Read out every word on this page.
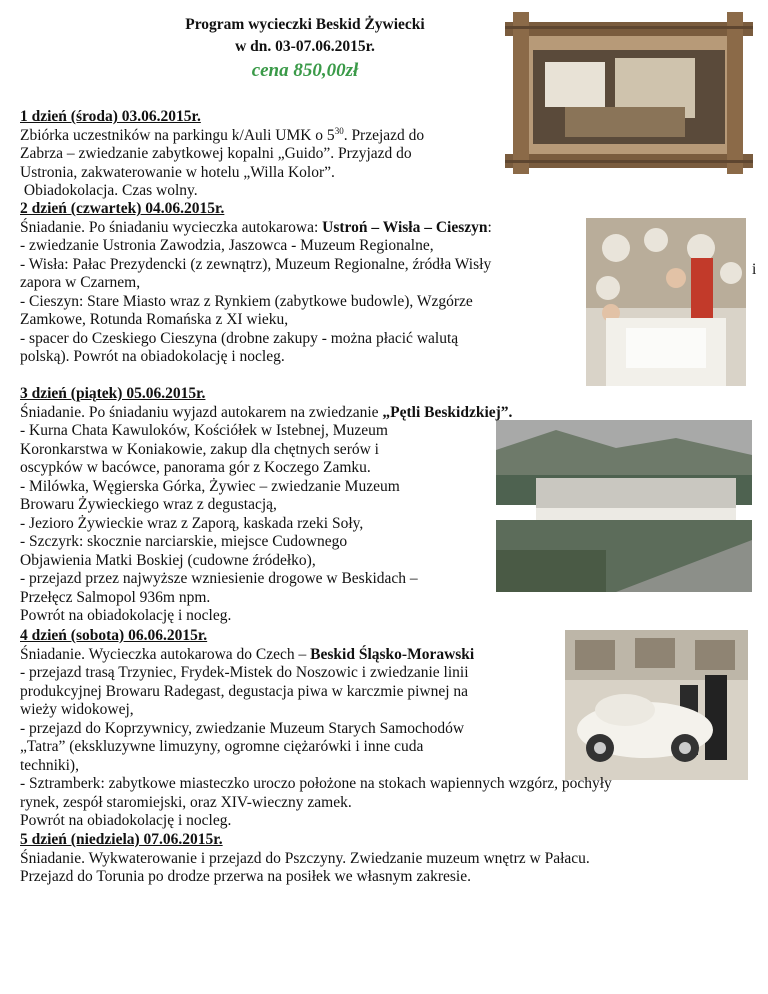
Program wycieczki Beskid Żywiecki
w dn. 03-07.06.2015r.
cena 850,00zł
i

1 dzień (środa) 03.06.2015r.

Zbiórka uczestników na parkingu k/Auli UMK o $5^{30}$. Przejazd do

Zabrza – zwiedzanie zabytkowej kopalni „Guido”. Przyjazd do

Ustronia, zakwaterowanie w hotelu „Willa Kolor”.

Obiadokolacja. Czas wolny.

2 dzień (czwartek) 04.06.2015r.

Śniadanie. Po śniadaniu wycieczka autokarowa: Ustroń – Wisła – Cieszyn:

- zwiedzanie Ustronia Zawodzia, Jaszowca - Muzeum Regionalne,

- Wisła: Pałac Prezydencki (z zewnątrz), Muzeum Regionalne, źródła Wisły

zapora w Czarnem,

- Cieszyn: Stare Miasto wraz z Rynkiem (zabytkowe budowle), Wzgórze

Zamkowe, Rotunda Romańska z XI wieku,

- spacer do Czeskiego Cieszyna (drobne zakupy - można płacić walutą

polską). Powrót na obiadokolację i nocleg.

3 dzień (piątek) 05.06.2015r.

Śniadanie. Po śniadaniu wyjazd autokarem na zwiedzanie „Pętli Beskidzkiej”.

- Kurna Chata Kawuloków, Kościółek w Istebnej, Muzeum

Koronkarstwa w Koniakowie, zakup dla chętnych serów i

oscypków w bacówce, panorama gór z Koczego Zamku.

- Milówka, Węgierska Górka, Żywiec – zwiedzanie Muzeum

Browaru Żywieckiego wraz z degustacją,

- Jezioro Żywieckie wraz z Zaporą, kaskada rzeki Soły,

- Szczyrk: skocznie narciarskie, miejsce Cudownego

Objawienia Matki Boskiej (cudowne źródełko),

- przejazd przez najwyższe wzniesienie drogowe w Beskidach –

Przełęcz Salmopol 936m npm.

Powrót na obiadokolację i nocleg.

4 dzień (sobota) 06.06.2015r.

Śniadanie. Wycieczka autokarowa do Czech – Beskid Śląsko-Morawski

- przejazd trasą Trzyniec, Frydek-Mistek do Noszowic i zwiedzanie linii

produkcyjnej Browaru Radegast, degustacja piwa w karczmie piwnej na

wieży widokowej,

- przejazd do Koprzywnicy, zwiedzanie Muzeum Starych Samochodów

„Tatra” (ekskluzywne limuzyny, ogromne ciężarówki i inne cuda

techniki),

- Sztramberk: zabytkowe miasteczko uroczo położone na stokach wapiennych wzgórz, pochyły

rynek, zespół staromiejski, oraz XIV-wieczny zamek.

Powrót na obiadokolację i nocleg.

5 dzień (niedziela) 07.06.2015r.

Śniadanie. Wykwaterowanie i przejazd do Pszczyny. Zwiedzanie muzeum wnętrz w Pałacu.

Przejazd do Torunia po drodze przerwa na posiłek we własnym zakresie.
